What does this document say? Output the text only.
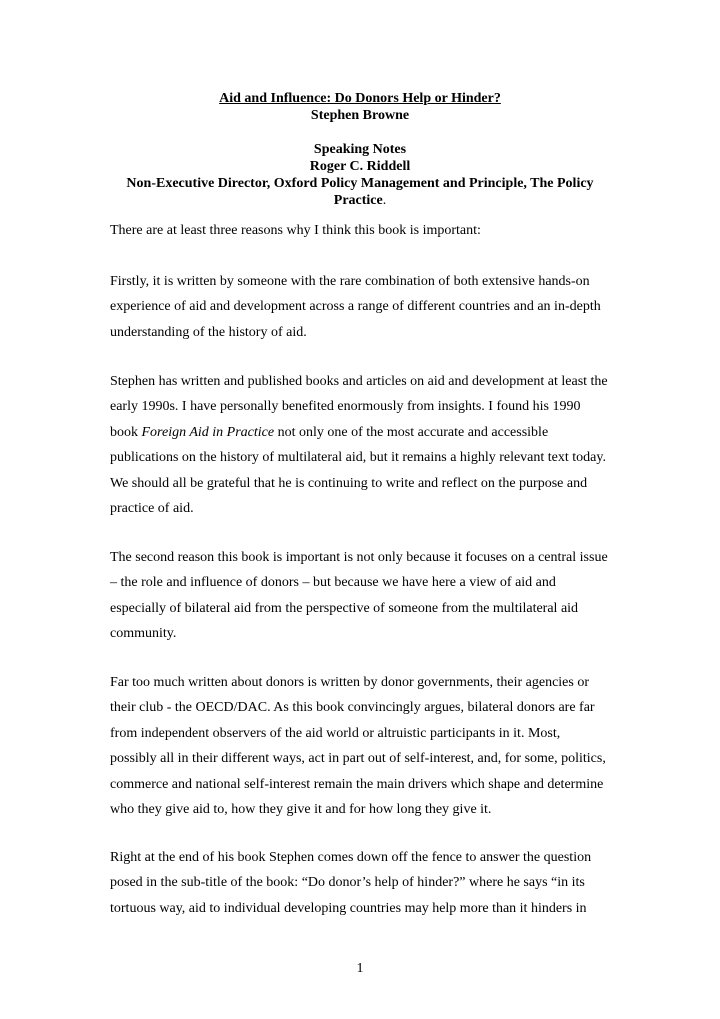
Aid and Influence: Do Donors Help or Hinder?
Stephen Browne
Speaking Notes
Roger C. Riddell
Non-Executive Director, Oxford Policy Management and Principle, The Policy Practice.

There are at least three reasons why I think this book is important:

Firstly, it is written by someone with the rare combination of both extensive hands-on experience of aid and development across a range of different countries and an in-depth understanding of the history of aid.

Stephen has written and published books and articles on aid and development at least the early 1990s. I have personally benefited enormously from insights. I found his 1990 book Foreign Aid in Practice not only one of the most accurate and accessible publications on the history of multilateral aid, but it remains a highly relevant text today. We should all be grateful that he is continuing to write and reflect on the purpose and practice of aid.

The second reason this book is important is not only because it focuses on a central issue – the role and influence of donors – but because we have here a view of aid and especially of bilateral aid from the perspective of someone from the multilateral aid community.

Far too much written about donors is written by donor governments, their agencies or their club - the OECD/DAC. As this book convincingly argues, bilateral donors are far from independent observers of the aid world or altruistic participants in it. Most, possibly all in their different ways, act in part out of self-interest, and, for some, politics, commerce and national self-interest remain the main drivers which shape and determine who they give aid to, how they give it and for how long they give it.

Right at the end of his book Stephen comes down off the fence to answer the question posed in the sub-title of the book: “Do donor’s help of hinder?” where he says “in its tortuous way, aid to individual developing countries may help more than it hinders in

1
